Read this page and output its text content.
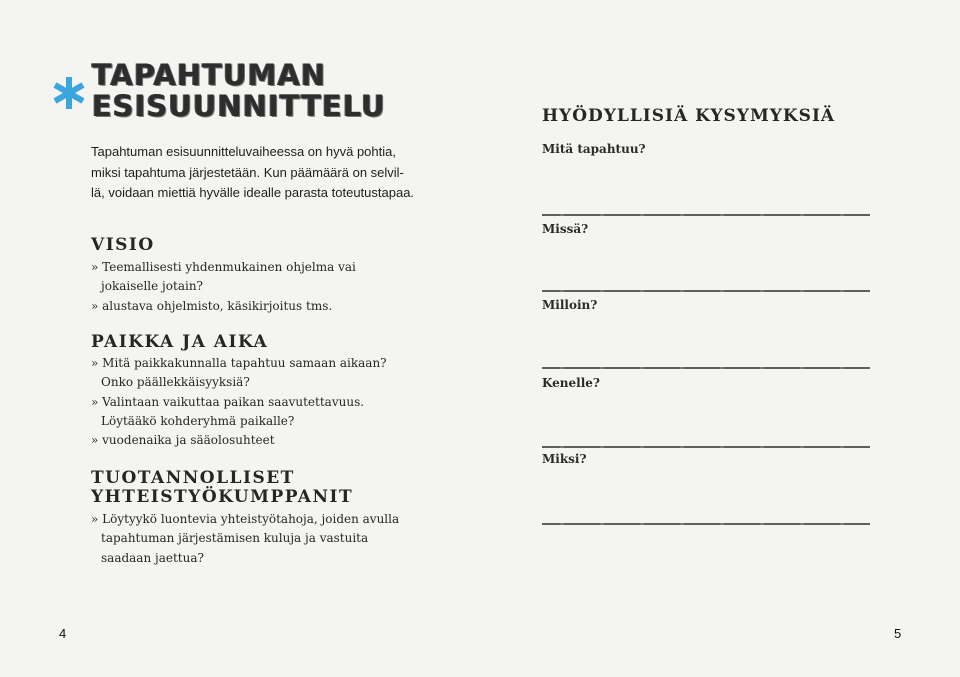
TAPAHTUMAN
ESISUUNNITTELU

Tapahtuman esisuunnitteluvaiheessa on hyvä pohtia,
miksi tapahtuma järjestetään. Kun päämäärä on selvil-
lä, voidaan miettiä hyvälle idealle parasta toteutustapaa.

VISIO
» Teemallisesti yhdenmukainen ohjelma vai
jokaiselle jotain?
» alustava ohjelmisto, käsikirjoitus tms.
PAIKKA JA AIKA
» Mitä paikkakunnalla tapahtuu samaan aikaan?
Onko päällekkäisyyksiä?
» Valintaan vaikuttaa paikan saavutettavuus.
Löytääkö kohderyhmä paikalle?
» vuodenaika ja sääolosuhteet
TUOTANNOLLISET
YHTEISTYÖKUMPPANIT
» Löytyykö luontevia yhteistyötahoja, joiden avulla
tapahtuman järjestämisen kuluja ja vastuita
saadaan jaettua?
4
HYÖDYLLISIÄ KYSYMYKSIÄ
Mitä tapahtuu?
Missä?
Milloin?
Kenelle?
Miksi?
5
